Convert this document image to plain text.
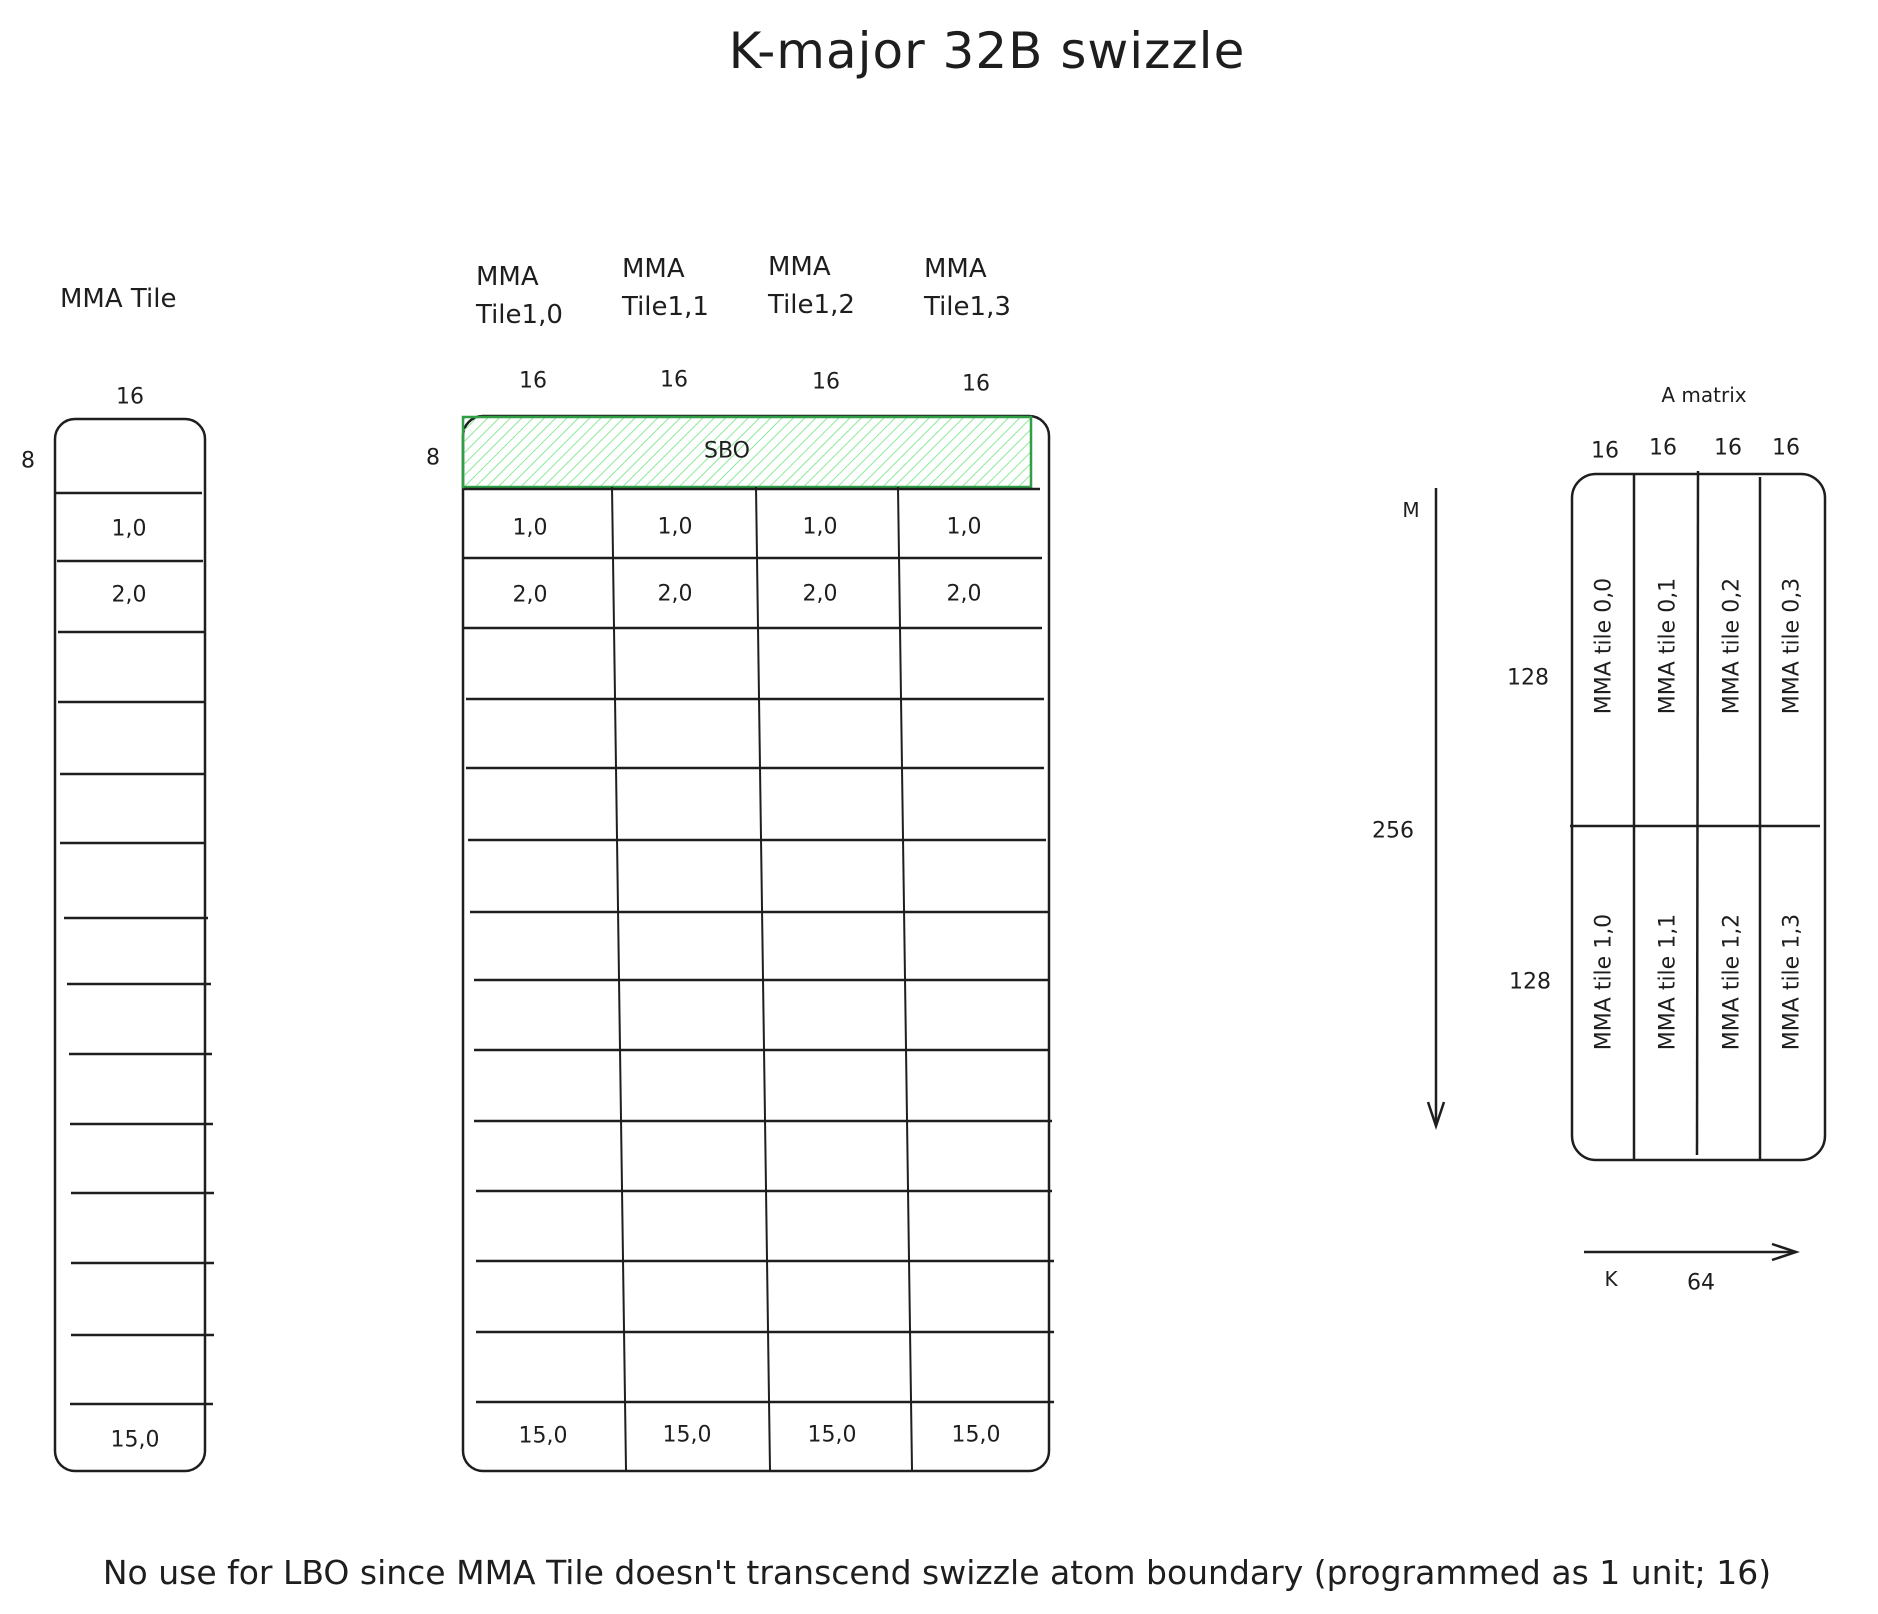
K-major 32B swizzle
MMA Tile
16
8
1,0
2,0
15,0
MMA
Tile1,0
MMA
Tile1,1
MMA
Tile1,2
MMA
Tile1,3
16	16	16	16
8	SBO
1,0	1,0	1,0	1,0
2,0	2,0	2,0	2,0
15,0	15,0	15,0	15,0
A matrix
16 16 16 16
M
256
128
128
MMA tile 0,0 MMA tile 0,1 MMA tile 0,2 MMA tile 0,3
MMA tile 1,0 MMA tile 1,1 MMA tile 1,2 MMA tile 1,3
K	64
No use for LBO since MMA Tile doesn't transcend swizzle atom boundary (programmed as 1 unit; 16)
